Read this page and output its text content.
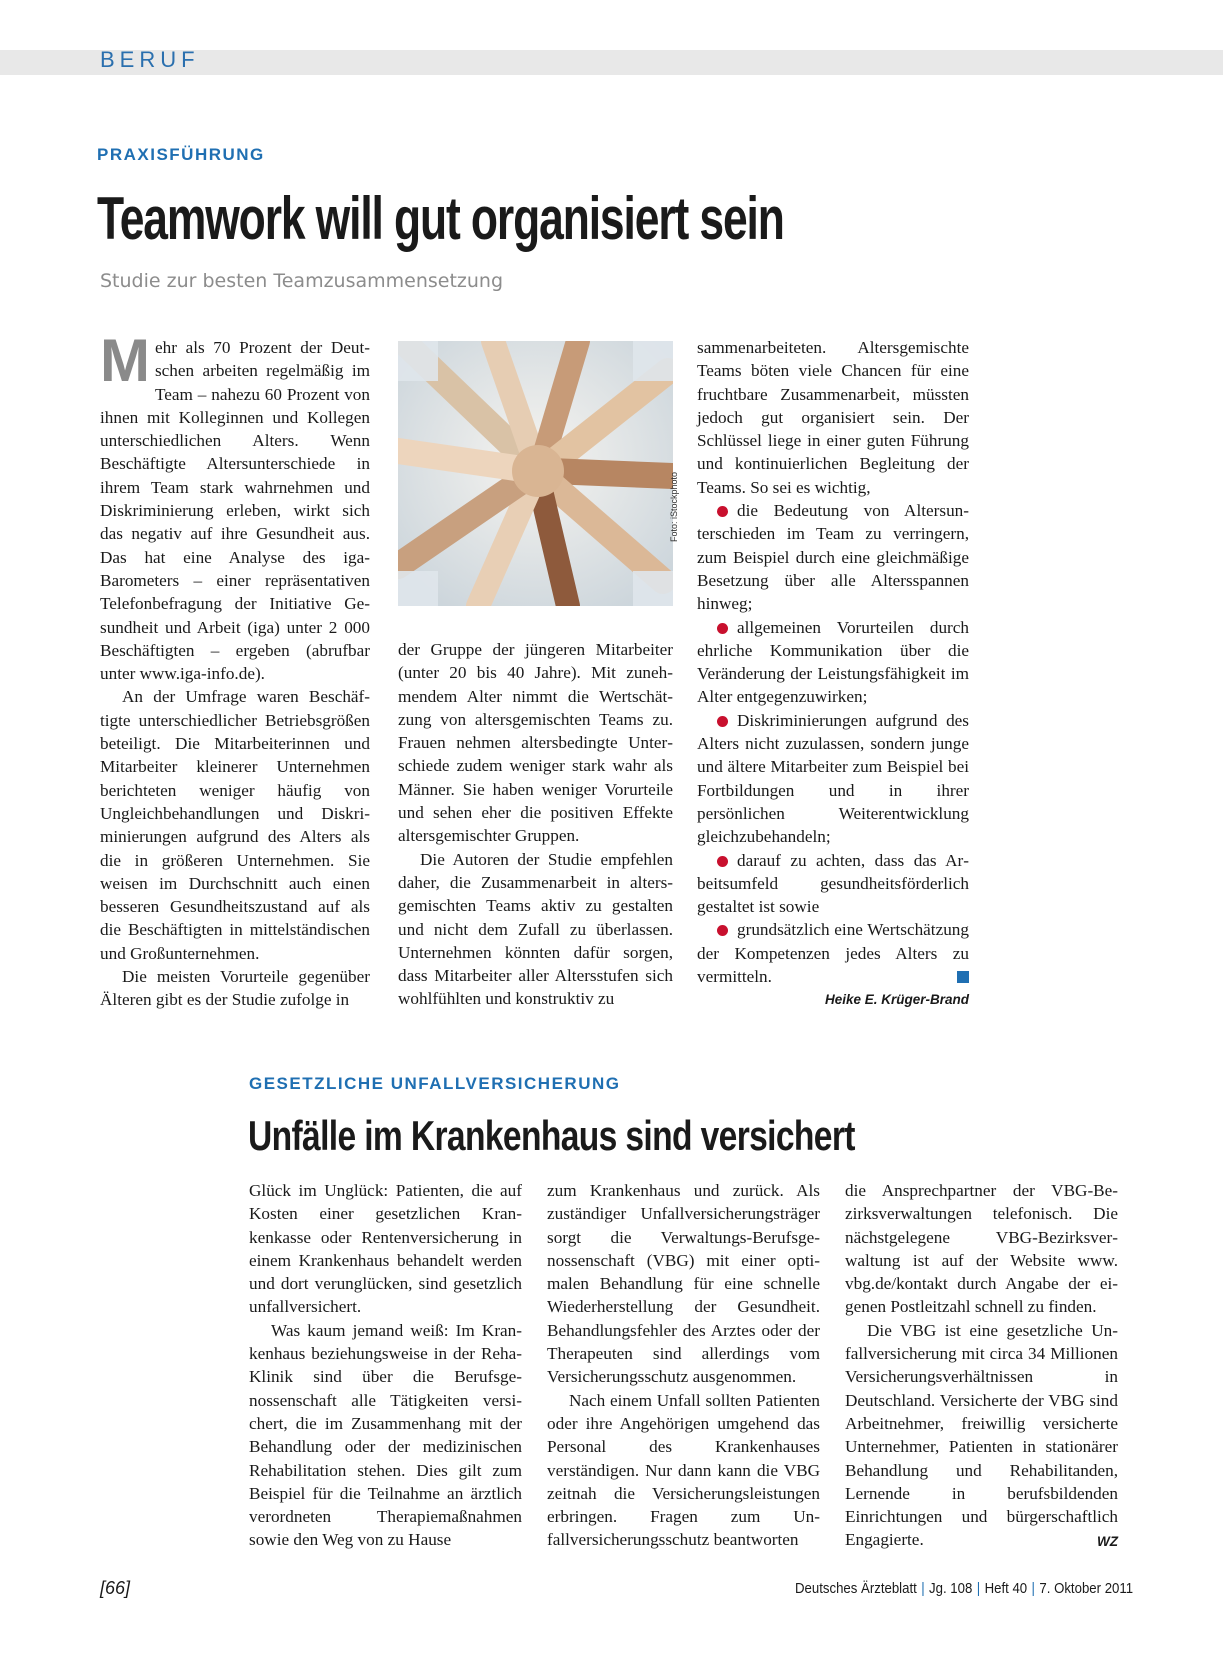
BERUF
PRAXISFÜHRUNG
Teamwork will gut organisiert sein
Studie zur besten Teamzusammensetzung

Mehr als 70 Prozent der Deutschen arbeiten regelmäßig im Team – nahezu 60 Prozent von ihnen mit Kolleginnen und Kollegen unterschiedlichen Alters. Wenn Beschäftigte Altersunterschiede in ihrem Team stark wahrnehmen und Diskriminierung erleben, wirkt sich das negativ auf ihre Gesundheit aus. Das hat eine Analyse des iga-Barometers – einer repräsentativen Telefonbefragung der Initiative Gesundheit und Arbeit (iga) unter 2 000 Beschäftigten – ergeben (abrufbar unter www.iga-info.de).

An der Umfrage waren Beschäftigte unterschiedlicher Betriebsgrößen beteiligt. Die Mitarbeiterinnen und Mitarbeiter kleinerer Unternehmen berichteten weniger häufig von Ungleichbehandlungen und Diskriminierungen aufgrund des Alters als die in größeren Unternehmen. Sie weisen im Durchschnitt auch einen besseren Gesundheitszustand auf als die Beschäftigten in mittelständischen und Großunternehmen.

Die meisten Vorurteile gegenüber Älteren gibt es der Studie zufolge in

Foto: iStockphoto

der Gruppe der jüngeren Mitarbeiter (unter 20 bis 40 Jahre). Mit zunehmendem Alter nimmt die Wertschätzung von altersgemischten Teams zu. Frauen nehmen altersbedingte Unterschiede zudem weniger stark wahr als Männer. Sie haben weniger Vorurteile und sehen eher die positiven Effekte altersgemischter Gruppen.

Die Autoren der Studie empfehlen daher, die Zusammenarbeit in altersgemischten Teams aktiv zu gestalten und nicht dem Zufall zu überlassen. Unternehmen könnten dafür sorgen, dass Mitarbeiter aller Altersstufen sich wohlfühlten und konstruktiv zu

sammenarbeiteten. Altersgemischte Teams böten viele Chancen für eine fruchtbare Zusammenarbeit, müssten jedoch gut organisiert sein. Der Schlüssel liege in einer guten Führung und kontinuierlichen Begleitung der Teams. So sei es wichtig,

die Bedeutung von Altersunterschieden im Team zu verringern, zum Beispiel durch eine gleichmäßige Besetzung über alle Altersspannen hinweg;

allgemeinen Vorurteilen durch ehrliche Kommunikation über die Veränderung der Leistungsfähigkeit im Alter entgegenzuwirken;

Diskriminierungen aufgrund des Alters nicht zuzulassen, sondern junge und ältere Mitarbeiter zum Beispiel bei Fortbildungen und in ihrer persönlichen Weiterentwicklung gleichzubehandeln;

darauf zu achten, dass das Arbeitsumfeld gesundheitsförderlich gestaltet ist sowie

grundsätzlich eine Wertschätzung der Kompetenzen jedes Alters zu vermitteln.

Heike E. Krüger-Brand

GESETZLICHE UNFALLVERSICHERUNG
Unfälle im Krankenhaus sind versichert

Glück im Unglück: Patienten, die auf Kosten einer gesetzlichen Krankenkasse oder Rentenversicherung in einem Krankenhaus behandelt werden und dort verunglücken, sind gesetzlich unfallversichert.

Was kaum jemand weiß: Im Krankenhaus beziehungsweise in der Reha-Klinik sind über die Berufsgenossenschaft alle Tätigkeiten versichert, die im Zusammenhang mit der Behandlung oder der medizinischen Rehabilitation stehen. Dies gilt zum Beispiel für die Teilnahme an ärztlich verordneten Therapiemaßnahmen sowie den Weg von zu Hause

zum Krankenhaus und zurück. Als zuständiger Unfallversicherungsträger sorgt die Verwaltungs-Berufsgenossenschaft (VBG) mit einer optimalen Behandlung für eine schnelle Wiederherstellung der Gesundheit. Behandlungsfehler des Arztes oder der Therapeuten sind allerdings vom Versicherungsschutz ausgenommen.

Nach einem Unfall sollten Patienten oder ihre Angehörigen umgehend das Personal des Krankenhauses verständigen. Nur dann kann die VBG zeitnah die Versicherungsleistungen erbringen. Fragen zum Unfallversicherungsschutz beantworten

die Ansprechpartner der VBG-Bezirksverwaltungen telefonisch. Die nächstgelegene VBG-Bezirksverwaltung ist auf der Website www. vbg.de/kontakt durch Angabe der eigenen Postleitzahl schnell zu finden.

Die VBG ist eine gesetzliche Unfallversicherung mit circa 34 Millionen Versicherungsverhältnissen in Deutschland. Versicherte der VBG sind Arbeitnehmer, freiwillig versicherte Unternehmer, Patienten in stationärer Behandlung und Rehabilitanden, Lernende in berufsbildenden Einrichtungen und bürgerschaftlich Engagierte.	WZ

[66]	Deutsches Ärzteblatt | Jg. 108 | Heft 40 | 7. Oktober 2011
